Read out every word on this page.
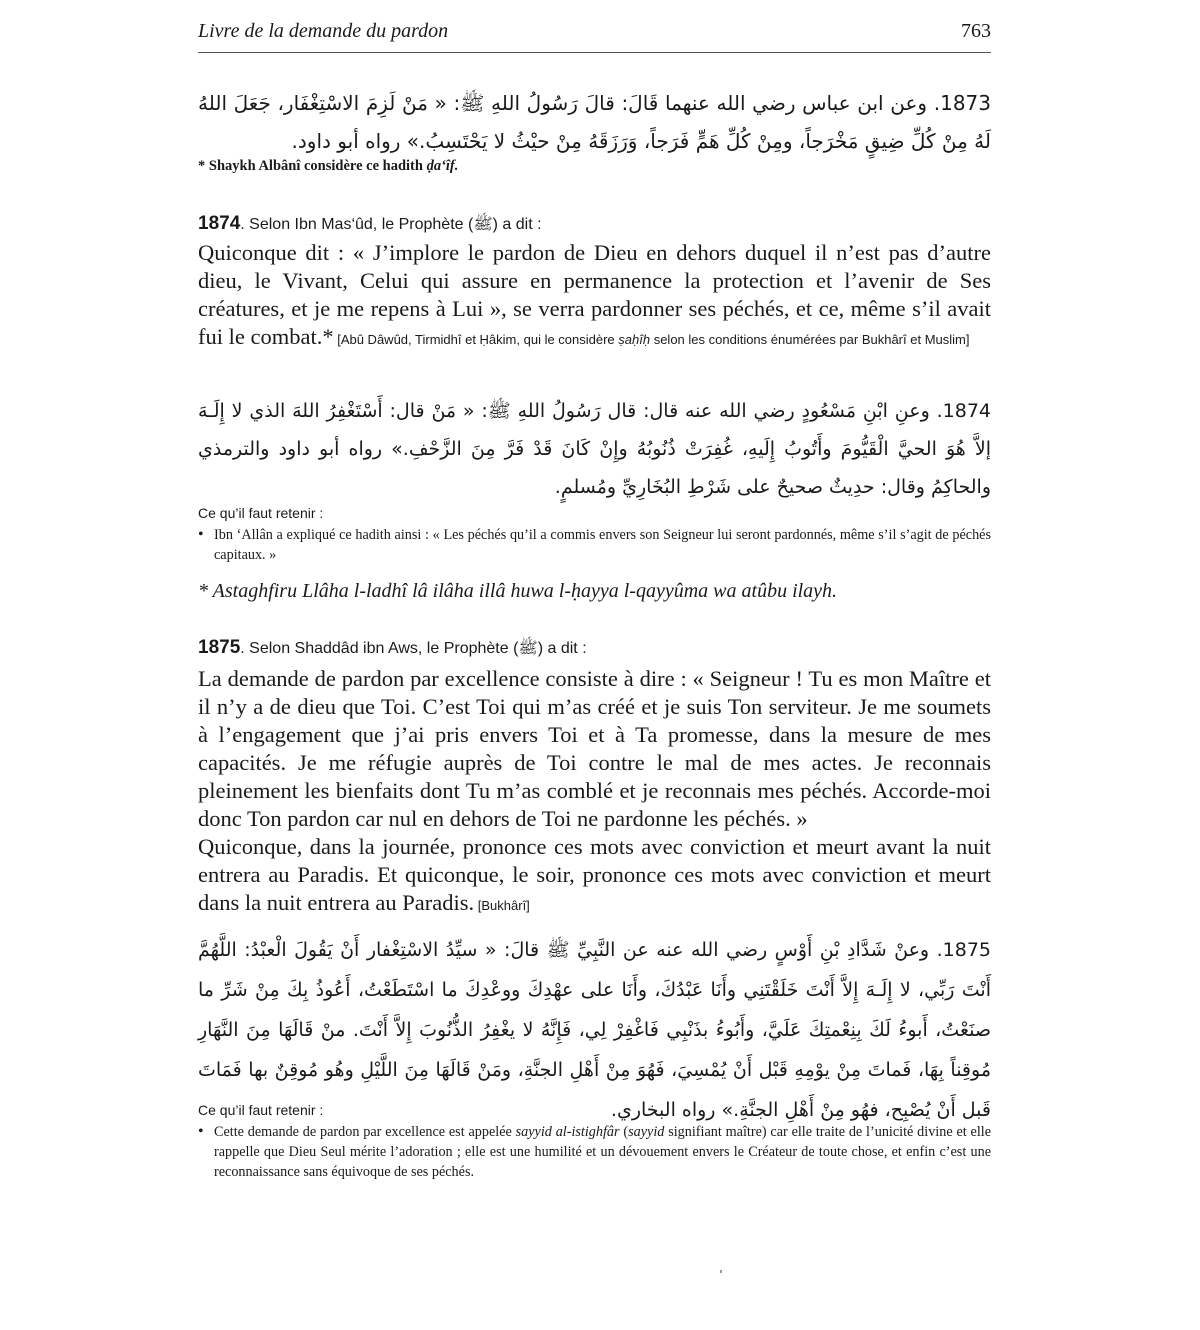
Livre de la demande du pardon	763
1873. وعن ابن عباس رضي الله عنهما قَالَ: قالَ رَسُولُ اللهِ ﷺ: « مَنْ لَزِمَ الاسْتِغْفَار، جَعَلَ اللهُ لَهُ مِنْ كُلِّ ضِيقٍ مَخْرَجاً، ومِنْ كُلِّ هَمٍّ فَرَجاً، وَرَزَقَهُ مِنْ حيْثُ لا يَحْتَسِبُ.» رواه أبو داود.
* Shaykh Albânî considère ce hadith ḍa‘îf.
1874. Selon Ibn Mas‘ûd, le Prophète (ﷺ) a dit :
Quiconque dit : « J’implore le pardon de Dieu en dehors duquel il n’est pas d’autre dieu, le Vivant, Celui qui assure en permanence la protection et l’avenir de Ses créatures, et je me repens à Lui », se verra pardonner ses péchés, et ce, même s’il avait fui le combat.* [Abû Dâwûd, Tirmidhî et Ḥâkim, qui le considère ṣaḥîḥ selon les conditions énumérées par Bukhârî et Muslim]
1874. وعنِ ابْنِ مَسْعُودٍ رضي الله عنه قال: قال رَسُولُ اللهِ ﷺ: « مَنْ قال: أَسْتَغْفِرُ اللهَ الذي لا إِلَـهَ إلاَّ هُوَ الحيَّ الْقَيُّومَ وأَتُوبُ إِلَيهِ، غُفِرَتْ ذُنُوبُهُ وإِنْ كَانَ قَدْ فَرَّ مِنَ الزَّحْفِ.» رواه أبو داود والترمذي والحاكِمُ وقال: حدِيثٌ صحيحٌ على شَرْطِ البُخَارِيِّ ومُسلمٍ.
Ce qu’il faut retenir :
• Ibn ‘Allân a expliqué ce hadith ainsi : « Les péchés qu’il a commis envers son Seigneur lui seront pardonnés, même s’il s’agit de péchés capitaux. »
* Astaghfiru Llâha l-ladhî lâ ilâha illâ huwa l-ḥayya l-qayyûma wa atûbu ilayh.
1875. Selon Shaddâd ibn Aws, le Prophète (ﷺ) a dit :

La demande de pardon par excellence consiste à dire : « Seigneur ! Tu es mon Maître et il n’y a de dieu que Toi. C’est Toi qui m’as créé et je suis Ton serviteur. Je me soumets à l’engagement que j’ai pris envers Toi et à Ta promesse, dans la mesure de mes capacités. Je me réfugie auprès de Toi contre le mal de mes actes. Je reconnais pleinement les bienfaits dont Tu m’as comblé et je reconnais mes péchés. Accorde-moi donc Ton pardon car nul en dehors de Toi ne pardonne les péchés. »

Quiconque, dans la journée, prononce ces mots avec conviction et meurt avant la nuit entrera au Paradis. Et quiconque, le soir, prononce ces mots avec conviction et meurt dans la nuit entrera au Paradis. [Bukhârî]

1875. وعنْ شَدَّادِ بْنِ أَوْسٍ رضي الله عنه عن النَّبِيِّ ﷺ قالَ: « سيِّدُ الاسْتِغْفار أَنْ يَقُولَ الْعبْدُ: اللَّهُمَّ أَنْتَ رَبِّي، لا إِلَـهَ إِلاَّ أَنْتَ خَلَقْتَنِي وأَنَا عَبْدُكَ، وأَنَا على عهْدِكَ ووعْدِكَ ما اسْتَطَعْتُ، أَعُوذُ بِكَ مِنْ شَرِّ ما صنَعْتُ، أَبوءُ لَكَ بِنِعْمتِكَ عَلَيَّ، وأَبُوءُ بذَنْبِي فَاغْفِرْ لِي، فَإِنَّهُ لا يغْفِرُ الذُّنُوبَ إِلاَّ أَنْتَ. منْ قَالَهَا مِنَ النَّهَارِ مُوقِناً بِهَا، فَماتَ مِنْ يوْمِهِ قَبْل أَنْ يُمْسِيَ، فَهُوَ مِنْ أَهْلِ الجنَّةِ، ومَنْ قَالَهَا مِنَ اللَّيْلِ وهُو مُوقِنٌ بها فَمَاتَ قَبل أَنْ يُصْبِح، فهُو مِنْ أَهْلِ الجنَّةِ.» رواه البخاري.
Ce qu’il faut retenir :
• Cette demande de pardon par excellence est appelée sayyid al-istighfâr (sayyid signifiant maître) car elle traite de l’unicité divine et elle rappelle que Dieu Seul mérite l’adoration ; elle est une humilité et un dévouement envers le Créateur de toute chose, et enfin c’est une reconnaissance sans équivoque de ses péchés.
